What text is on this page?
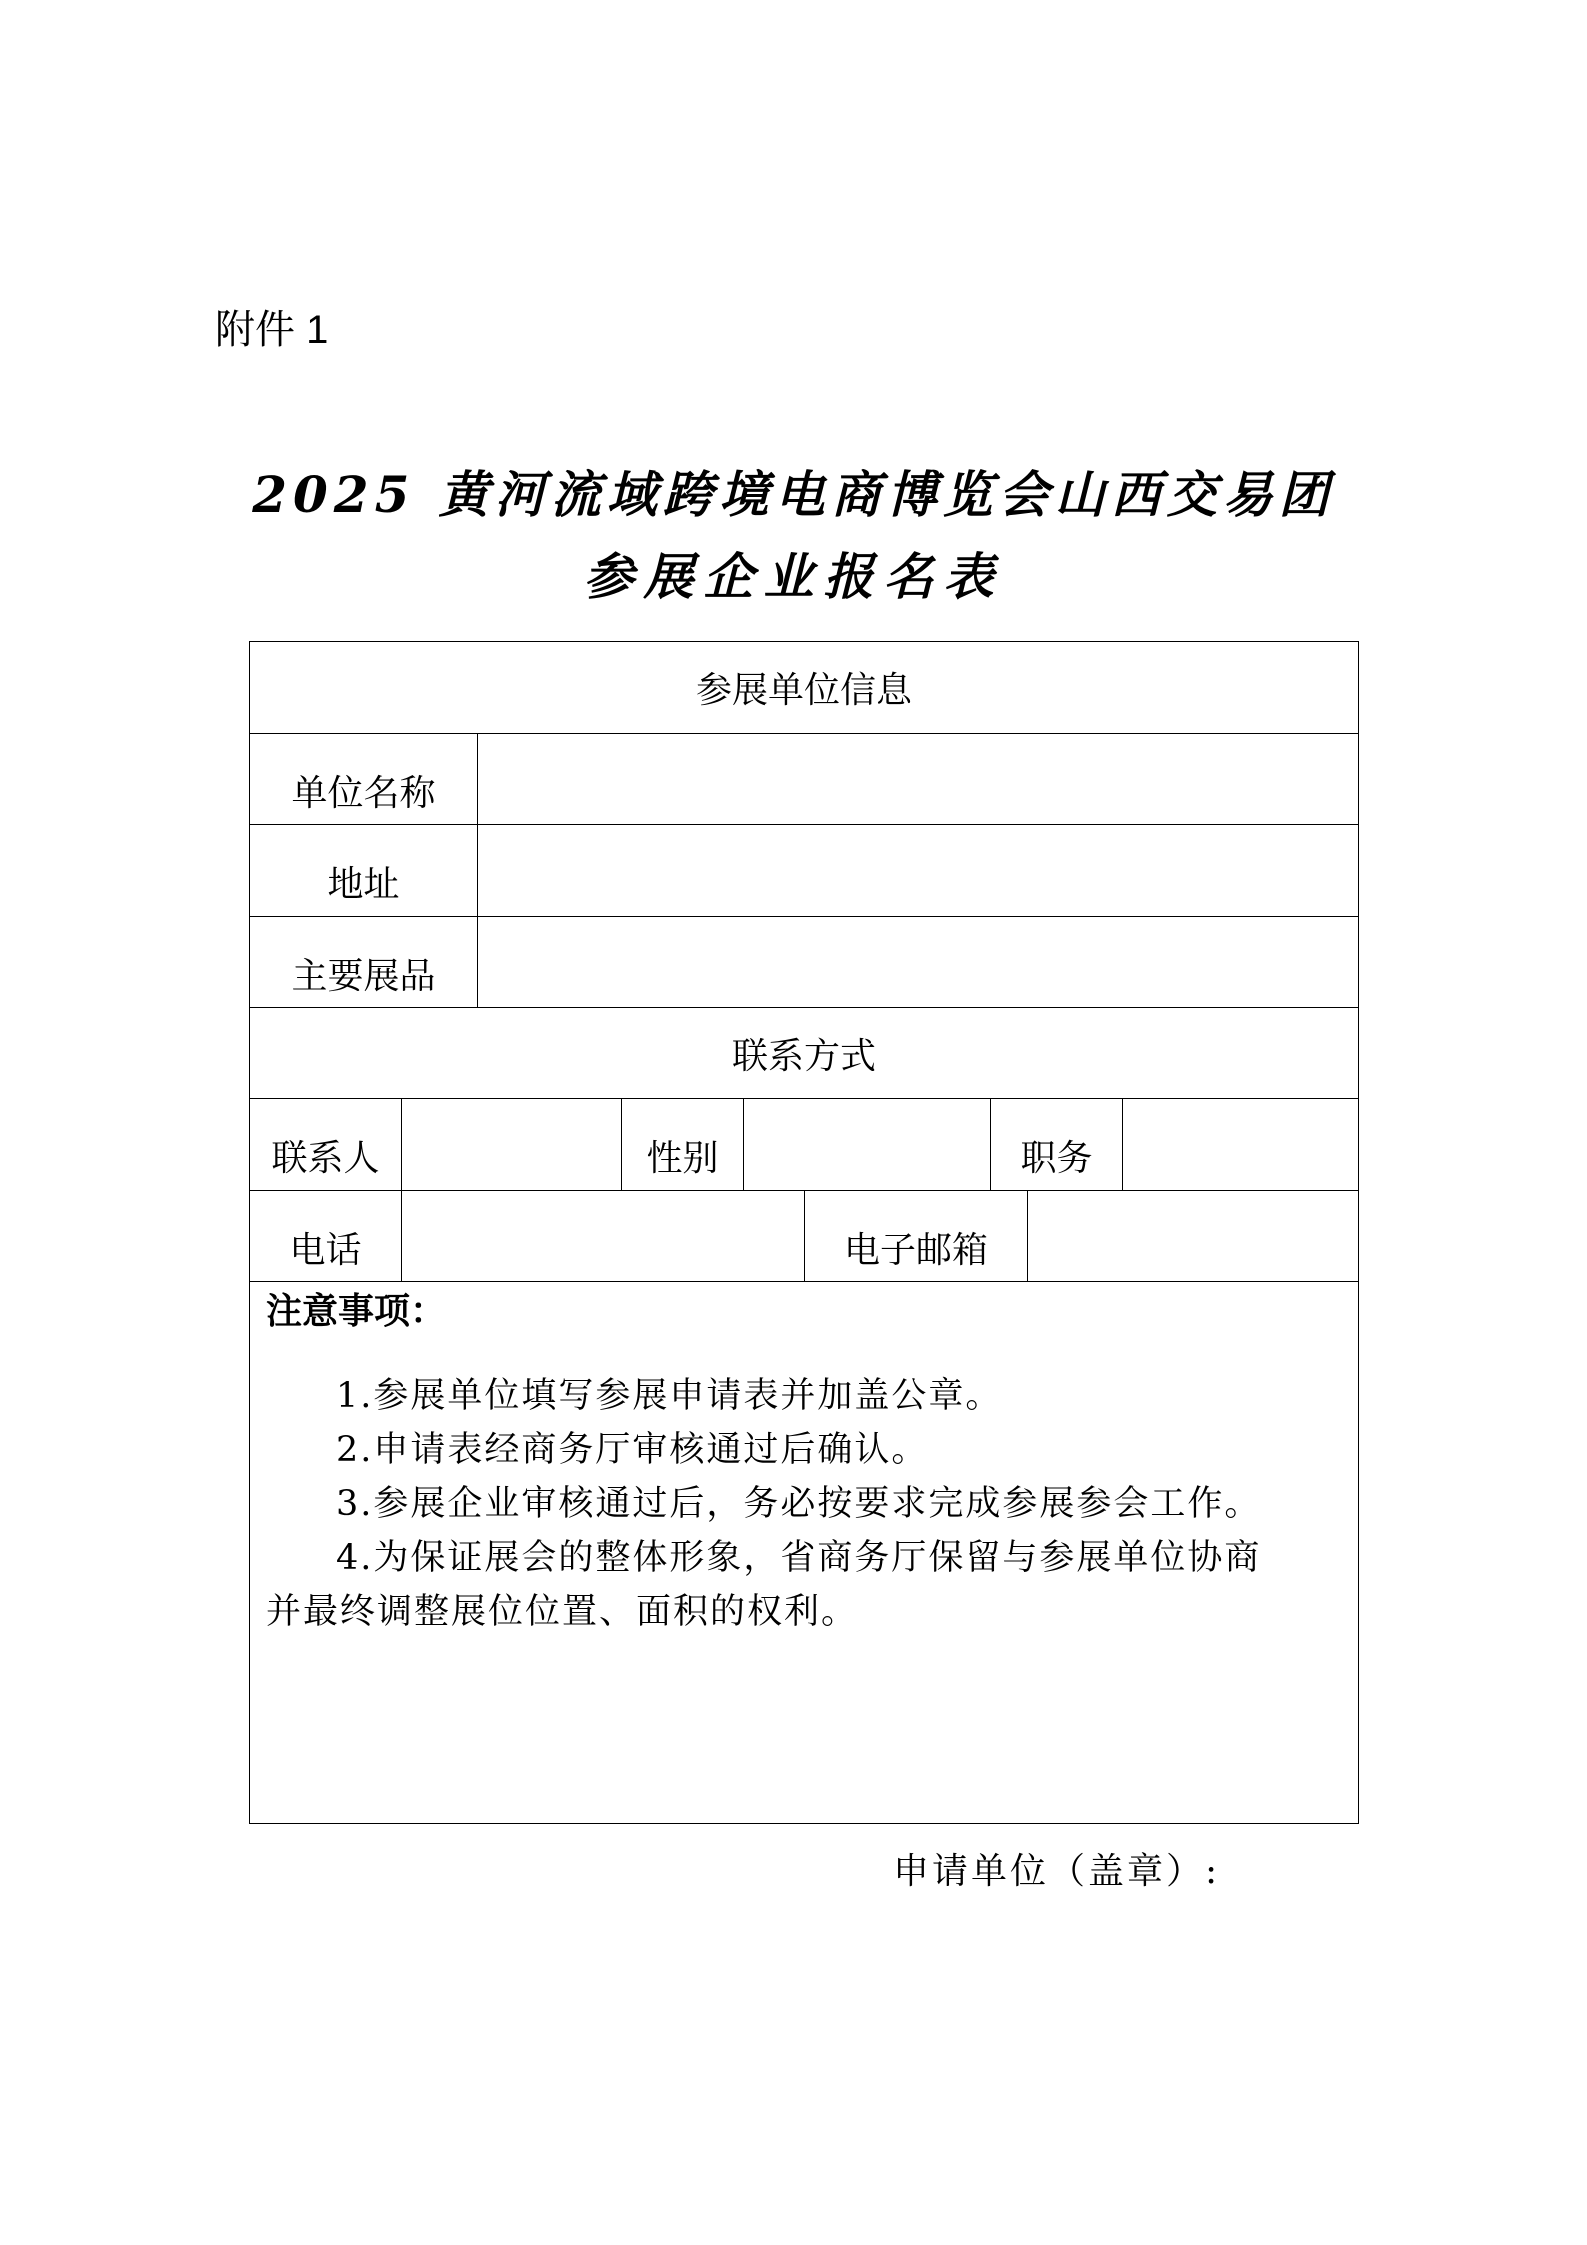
附件 1
2025 黄河流域跨境电商博览会山西交易团
参展企业报名表
参展单位信息
单位名称
地址
主要展品
联系方式
联系人	性别	职务
电话	电子邮箱
注意事项：
1.参展单位填写参展申请表并加盖公章。
2.申请表经商务厅审核通过后确认。
3.参展企业审核通过后，务必按要求完成参展参会工作。
4.为保证展会的整体形象，省商务厅保留与参展单位协商
并最终调整展位位置、面积的权利。
申请单位（盖章）:
